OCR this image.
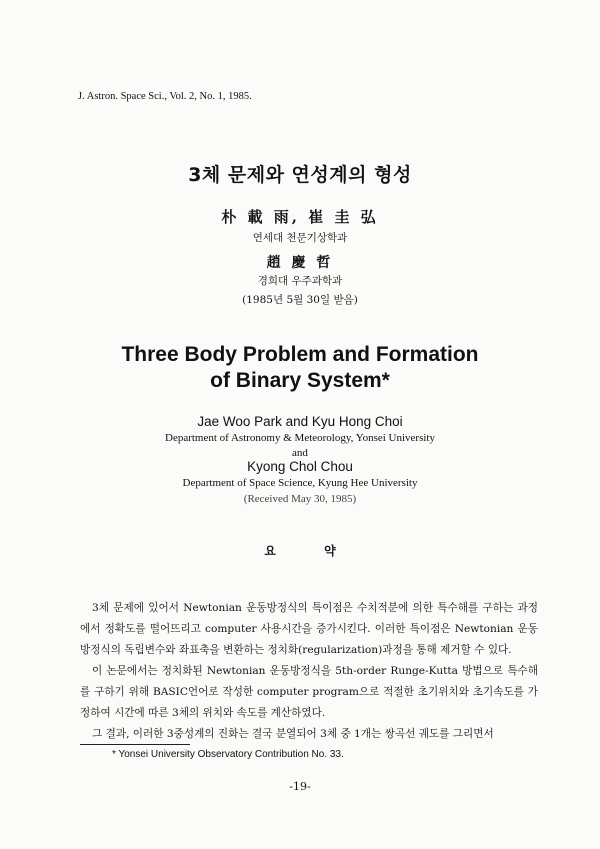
J. Astron. Space Sci., Vol. 2, No. 1, 1985.
3체 문제와 연성계의 형성
朴 載 雨, 崔 圭 弘
연세대 천문기상학과
趙 慶 哲
경희대 우주과학과
(1985년 5월 30일 받음)
Three Body Problem and Formation
of Binary System*
Jae Woo Park and Kyu Hong Choi
Department of Astronomy & Meteorology, Yonsei University
and
Kyong Chol Chou
Department of Space Science, Kyung Hee University
(Received May 30, 1985)
요 약

3체 문제에 있어서 Newtonian 운동방정식의 특이점은 수치적분에 의한 특수해를 구하는 과정에서 정확도를 떨어뜨리고 computer 사용시간을 증가시킨다. 이러한 특이점은 Newtonian 운동방정식의 독립변수와 좌표축을 변환하는 정치화(regularization)과정을 통해 제거할 수 있다.

이 논문에서는 정치화된 Newtonian 운동방정식을 5th-order Runge-Kutta 방법으로 특수해를 구하기 위해 BASIC언어로 작성한 computer program으로 적절한 초기위치와 초기속도를 가정하여 시간에 따른 3체의 위치와 속도를 계산하였다.

그 결과, 이러한 3중성계의 진화는 결국 분열되어 3체 중 1개는 쌍곡선 궤도를 그리면서

* Yonsei University Observatory Contribution No. 33.
-19-
